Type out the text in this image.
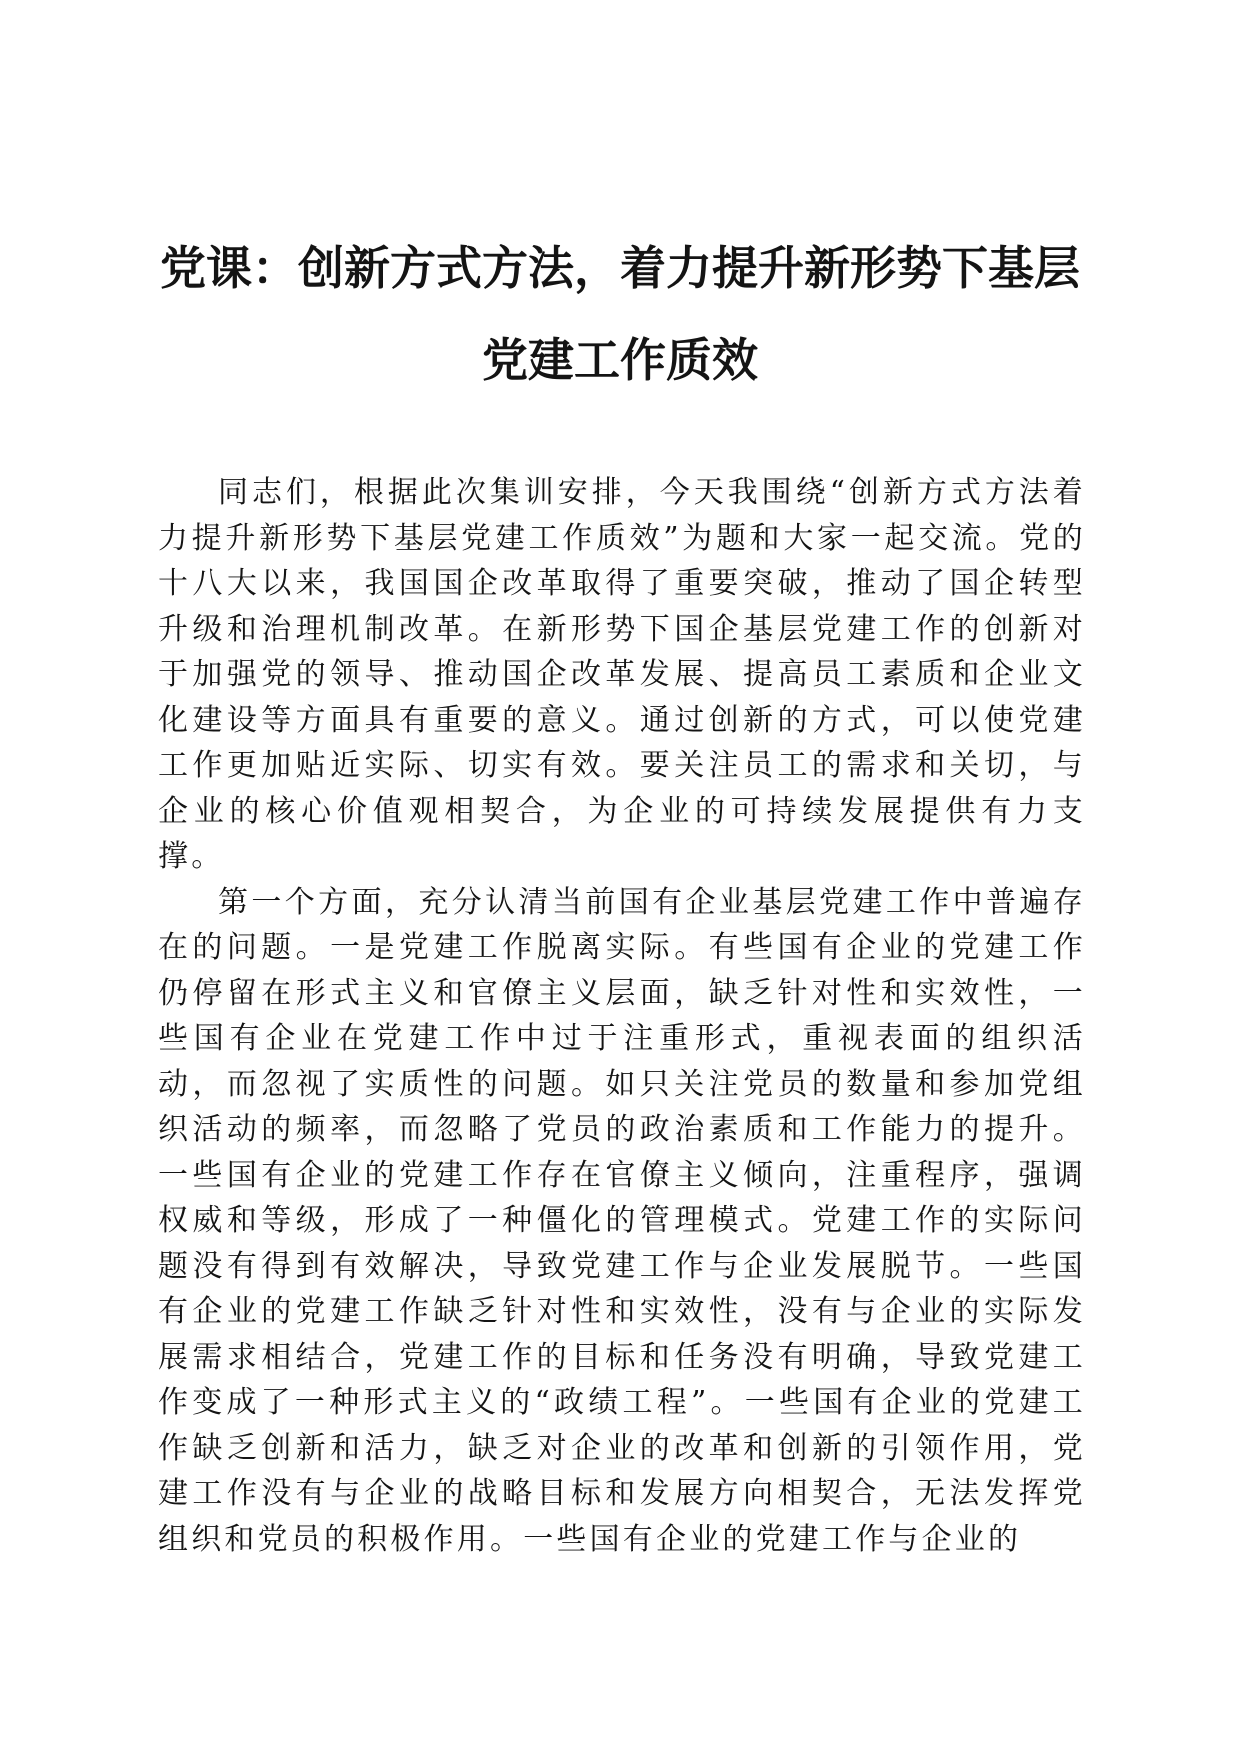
党课：创新方式方法，着力提升新形势下基层
党建工作质效

同志们，根据此次集训安排，今天我围绕“创新方式方法着力提升新形势下基层党建工作质效”为题和大家一起交流。党的十八大以来，我国国企改革取得了重要突破，推动了国企转型升级和治理机制改革。在新形势下国企基层党建工作的创新对于加强党的领导、推动国企改革发展、提高员工素质和企业文化建设等方面具有重要的意义。通过创新的方式，可以使党建工作更加贴近实际、切实有效。要关注员工的需求和关切，与企业的核心价值观相契合，为企业的可持续发展提供有力支撑。

第一个方面，充分认清当前国有企业基层党建工作中普遍存在的问题。一是党建工作脱离实际。有些国有企业的党建工作仍停留在形式主义和官僚主义层面，缺乏针对性和实效性，一些国有企业在党建工作中过于注重形式，重视表面的组织活动，而忽视了实质性的问题。如只关注党员的数量和参加党组织活动的频率，而忽略了党员的政治素质和工作能力的提升。一些国有企业的党建工作存在官僚主义倾向，注重程序，强调权威和等级，形成了一种僵化的管理模式。党建工作的实际问题没有得到有效解决，导致党建工作与企业发展脱节。一些国有企业的党建工作缺乏针对性和实效性，没有与企业的实际发展需求相结合，党建工作的目标和任务没有明确，导致党建工作变成了一种形式主义的“政绩工程”。一些国有企业的党建工作缺乏创新和活力，缺乏对企业的改革和创新的引领作用，党建工作没有与企业的战略目标和发展方向相契合，无法发挥党组织和党员的积极作用。一些国有企业的党建工作与企业的
